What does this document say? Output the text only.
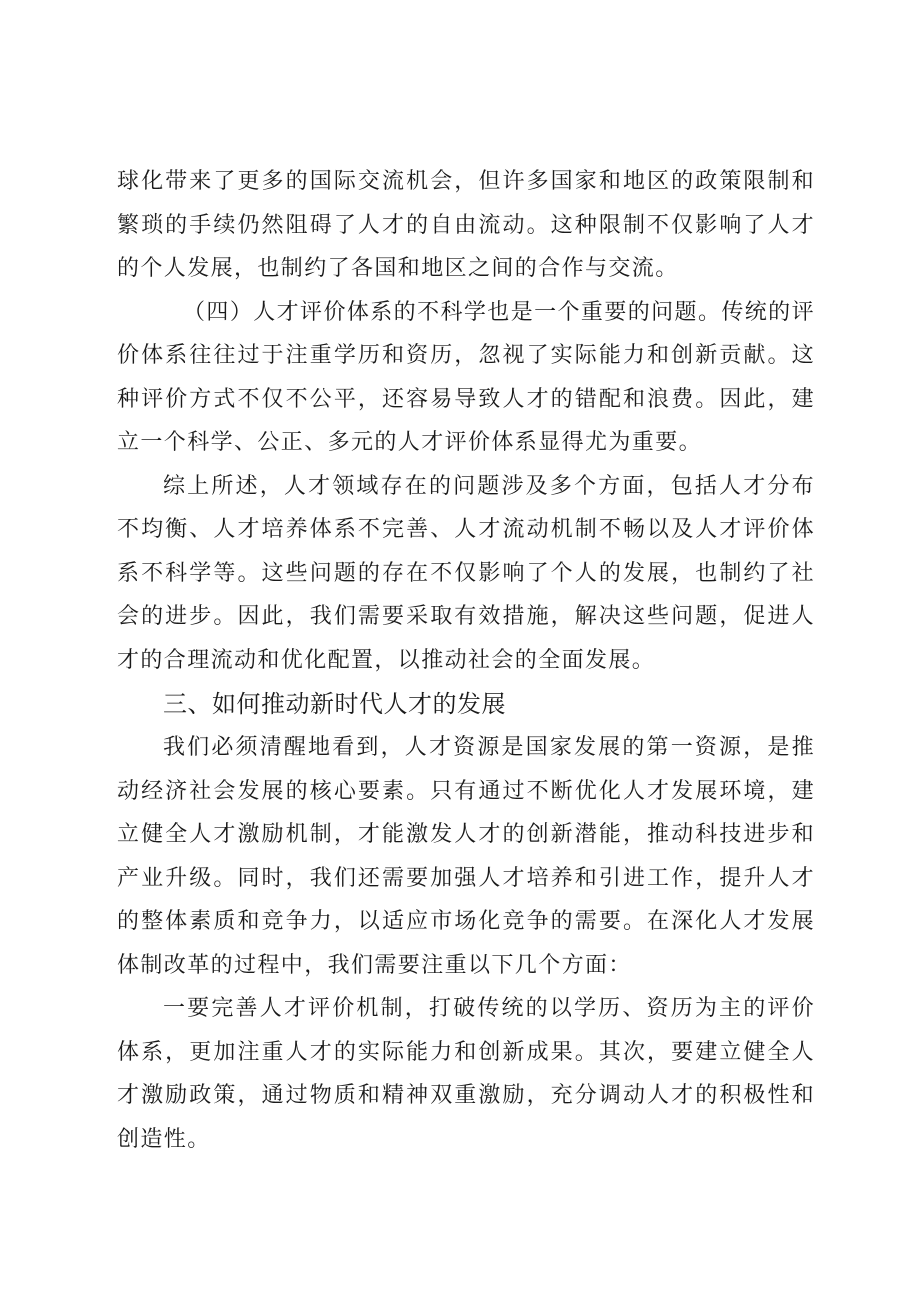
球化带来了更多的国际交流机会，但许多国家和地区的政策限制和繁琐的手续仍然阻碍了人才的自由流动。这种限制不仅影响了人才的个人发展，也制约了各国和地区之间的合作与交流。

（四）人才评价体系的不科学也是一个重要的问题。传统的评价体系往往过于注重学历和资历，忽视了实际能力和创新贡献。这种评价方式不仅不公平，还容易导致人才的错配和浪费。因此，建立一个科学、公正、多元的人才评价体系显得尤为重要。

综上所述，人才领域存在的问题涉及多个方面，包括人才分布不均衡、人才培养体系不完善、人才流动机制不畅以及人才评价体系不科学等。这些问题的存在不仅影响了个人的发展，也制约了社会的进步。因此，我们需要采取有效措施，解决这些问题，促进人才的合理流动和优化配置，以推动社会的全面发展。

三、如何推动新时代人才的发展

我们必须清醒地看到，人才资源是国家发展的第一资源，是推动经济社会发展的核心要素。只有通过不断优化人才发展环境，建立健全人才激励机制，才能激发人才的创新潜能，推动科技进步和产业升级。同时，我们还需要加强人才培养和引进工作，提升人才的整体素质和竞争力，以适应市场化竞争的需要。在深化人才发展体制改革的过程中，我们需要注重以下几个方面：

一要完善人才评价机制，打破传统的以学历、资历为主的评价体系，更加注重人才的实际能力和创新成果。其次，要建立健全人才激励政策，通过物质和精神双重激励，充分调动人才的积极性和创造性。
